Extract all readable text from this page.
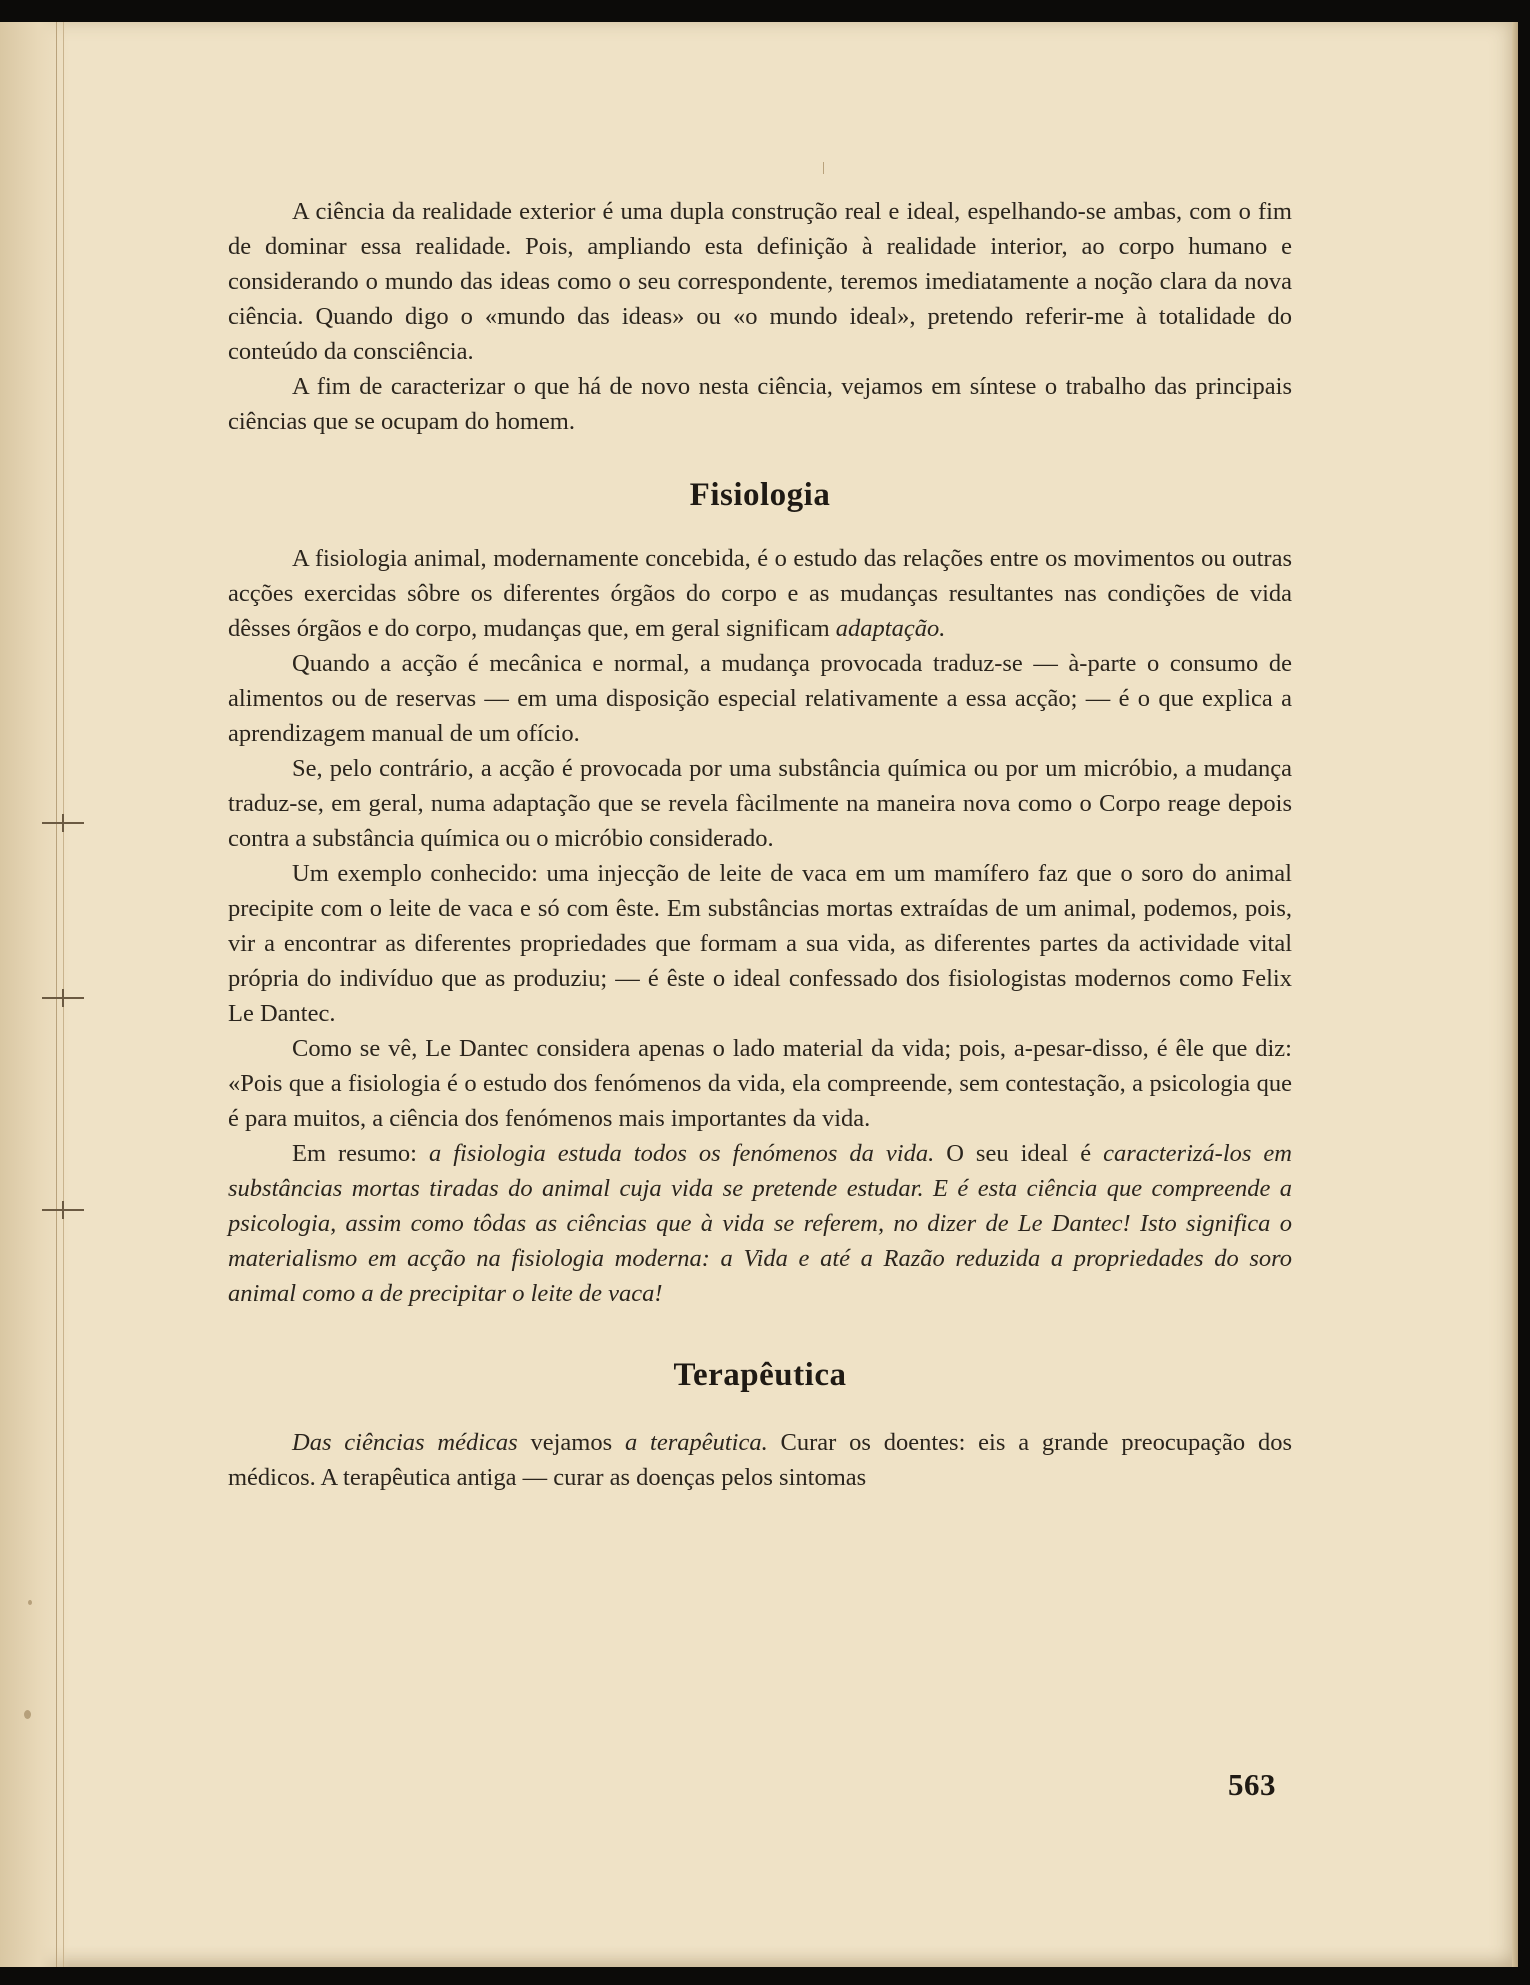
A ciência da realidade exterior é uma dupla construção real e ideal, espelhando-se ambas, com o fim de dominar essa realidade. Pois, ampliando esta definição à realidade interior, ao corpo humano e considerando o mundo das ideas como o seu correspondente, teremos imediatamente a noção clara da nova ciência. Quando digo o «mundo das ideas» ou «o mundo ideal», pretendo referir-me à totalidade do conteúdo da consciência.

A fim de caracterizar o que há de novo nesta ciência, vejamos em síntese o trabalho das principais ciências que se ocupam do homem.

Fisiologia

A fisiologia animal, modernamente concebida, é o estudo das relações entre os movimentos ou outras acções exercidas sôbre os diferentes órgãos do corpo e as mudanças resultantes nas condições de vida dêsses órgãos e do corpo, mudanças que, em geral significam adaptação.

Quando a acção é mecânica e normal, a mudança provocada traduz-se — à-parte o consumo de alimentos ou de reservas — em uma disposição especial relativamente a essa acção; — é o que explica a aprendizagem manual de um ofício.

Se, pelo contrário, a acção é provocada por uma substância química ou por um micróbio, a mudança traduz-se, em geral, numa adaptação que se revela fàcilmente na maneira nova como o Corpo reage depois contra a substância química ou o micróbio considerado.

Um exemplo conhecido: uma injecção de leite de vaca em um mamífero faz que o soro do animal precipite com o leite de vaca e só com êste. Em substâncias mortas extraídas de um animal, podemos, pois, vir a encontrar as diferentes propriedades que formam a sua vida, as diferentes partes da actividade vital própria do indivíduo que as produziu; — é êste o ideal confessado dos fisiologistas modernos como Felix Le Dantec.

Como se vê, Le Dantec considera apenas o lado material da vida; pois, a-pesar-disso, é êle que diz: «Pois que a fisiologia é o estudo dos fenómenos da vida, ela compreende, sem contestação, a psicologia que é para muitos, a ciência dos fenómenos mais importantes da vida.

Em resumo: a fisiologia estuda todos os fenómenos da vida. O seu ideal é caracterizá-los em substâncias mortas tiradas do animal cuja vida se pretende estudar. E é esta ciência que compreende a psicologia, assim como tôdas as ciências que à vida se referem, no dizer de Le Dantec! Isto significa o materialismo em acção na fisiologia moderna: a Vida e até a Razão reduzida a propriedades do soro animal como a de precipitar o leite de vaca!

Terapêutica

Das ciências médicas vejamos a terapêutica. Curar os doentes: eis a grande preocupação dos médicos. A terapêutica antiga — curar as doenças pelos sintomas

563
